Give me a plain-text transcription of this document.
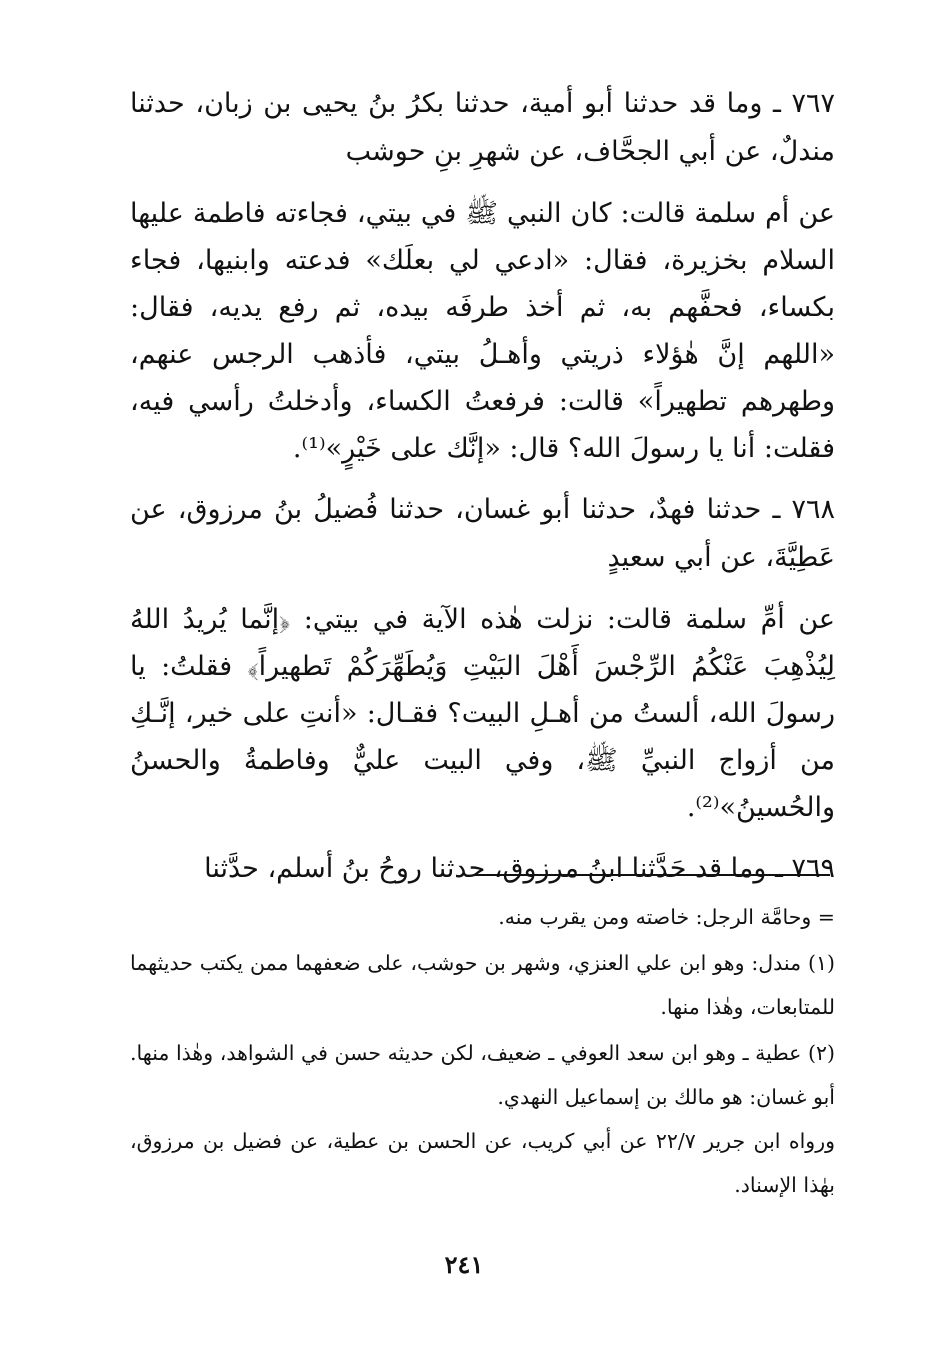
٧٦٧ ـ وما قد حدثنا أبو أمية، حدثنا بكرُ بنُ يحيى بن زبان، حدثنا مندلٌ، عن أبي الجحَّاف، عن شهرِ بنِ حوشب

عن أم سلمة قالت: كان النبي ﷺ في بيتي، فجاءته فاطمة عليها السلام بخزيرة، فقال: «ادعي لي بعلَك» فدعته وابنيها، فجاء بكساء، فحفَّهم به، ثم أخذ طرفَه بيده، ثم رفع يديه، فقال: «اللهم إنَّ هٰؤلاء ذريتي وأهـلُ بيتي، فأذهب الرجس عنهم، وطهرهم تطهيراً» قالت: فرفعتُ الكساء، وأدخلتُ رأسي فيه، فقلت: أنا يا رسولَ الله؟ قال: «إنَّك على خَيْرٍ»⁽¹⁾.

٧٦٨ ـ حدثنا فهدٌ، حدثنا أبو غسان، حدثنا فُضيلُ بنُ مرزوق، عن عَطِيَّةَ، عن أبي سعيدٍ

عن أمِّ سلمة قالت: نزلت هٰذه الآية في بيتي: ﴿إنَّما يُريدُ اللهُ لِيُذْهِبَ عَنْكُمُ الرِّجْسَ أَهْلَ البَيْتِ وَيُطَهِّرَكُمْ تَطهيراً﴾ فقلتُ: يا رسولَ الله، ألستُ من أهـلِ البيت؟ فقـال: «أنتِ على خير، إنَّـكِ من أزواج النبيِّ ﷺ، وفي البيت عليٌّ وفاطمةُ والحسنُ والحُسينُ»⁽²⁾.

٧٦٩ ـ وما قد حَدَّثنا ابنُ مرزوق، حدثنا روحُ بنُ أسلم، حدَّثنا

= وحامَّة الرجل: خاصته ومن يقرب منه.

(١) مندل: وهو ابن علي العنزي، وشهر بن حوشب، على ضعفهما ممن يكتب حديثهما للمتابعات، وهٰذا منها.

(٢) عطية ـ وهو ابن سعد العوفي ـ ضعيف، لكن حديثه حسن في الشواهد، وهٰذا منها. أبو غسان: هو مالك بن إسماعيل النهدي.

ورواه ابن جرير ٢٢/٧ عن أبي كريب، عن الحسن بن عطية، عن فضيل بن مرزوق، بهٰذا الإسناد.

٢٤١
